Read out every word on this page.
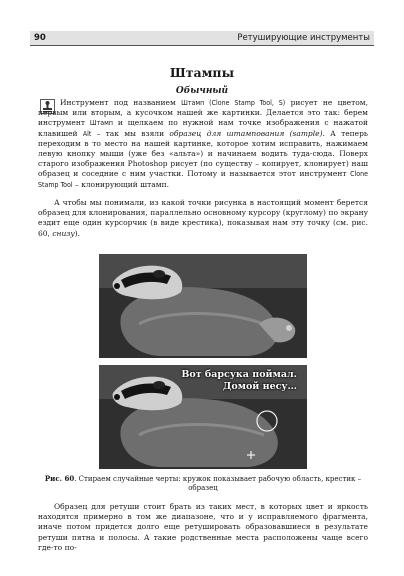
90	Ретуширующие инструменты
Штампы
Обычный

Инструмент под названием Штамп (Clone Stamp Tool, S) рисует не цветом, первым или вторым, а кусочком нашей же картинки. Делается это так: берем инструмент Штамп и щелкаем по нужной нам точке изображения с нажатой клавишей Alt – так мы взяли образец для штампования (sample). А теперь переходим в то место на нашей картинке, которое хотим исправить, нажимаем левую кнопку мыши (уже без «альта») и начинаем водить туда-сюда. Поверх старого изображения Photoshop рисует (по существу – копирует, клонирует) наш образец и соседние с ним участки. Потому и называется этот инструмент Clone Stamp Tool – клонирующий штамп.

А чтобы мы понимали, из какой точки рисунка в настоящий момент берется образец для клонирования, параллельно основному курсору (круглому) по экрану ездит еще один курсорчик (в виде крестика), показывая нам эту точку (см. рис. 60, снизу).

Вот барсука поймал.
Домой несу…
Рис. 60. Стираем случайные черты: кружок показывает рабочую область, крестик – образец

Образец для ретуши стоит брать из таких мест, в которых цвет и яркость находятся примерно в том же диапазоне, что и у исправляемого фрагмента, иначе потом придется долго еще ретушировать образовавшиеся в результате ретуши пятна и полосы. А такие родственные места расположены чаще всего где-то по-
